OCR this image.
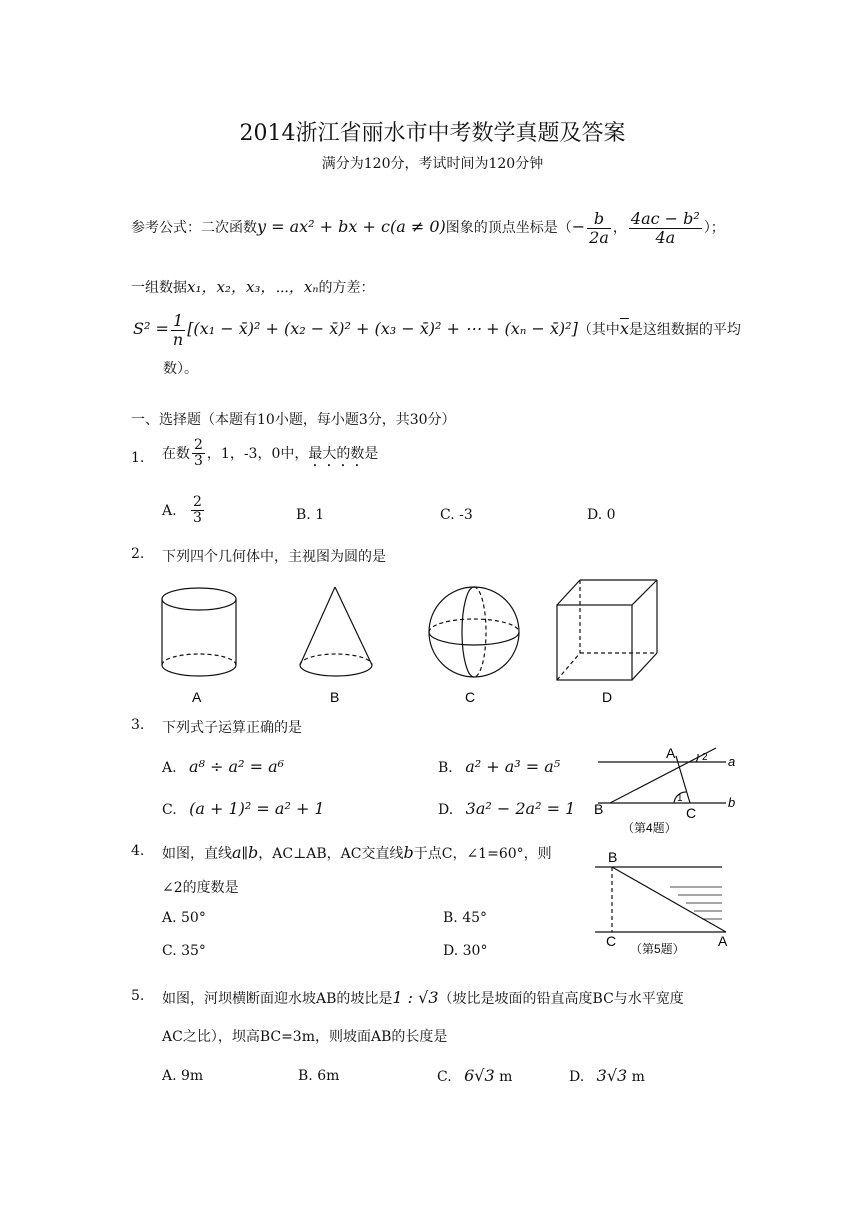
2014浙江省丽水市中考数学真题及答案
满分为120分，考试时间为120分钟
参考公式：二次函数y = ax² + bx + c(a ≠ 0)图象的顶点坐标是（− $\frac{b}{2a}$ ， $\frac{\text{4ac − b²}}{4a}$ ）；
一组数据x₁，x₂，x₃，⋯，xₙ的方差：
$S^2 = \frac{1}{n} [(x_1$ − x̄)² + (x₂ − x̄)² + (x₃ − x̄)² + ⋯ + (xₙ − x̄)²]（其中$\overline{x}$是这组数据的平均
数）。
一、选择题（本题有10小题，每小题3分，共30分）
1. 在数 $\frac{2}{3}$ ，1，-3，0中，最大的数是
A. $\frac{2}{3}$	B. 1	C. -3	D. 0
2. 下列四个几何体中，主视图为圆的是
A	B	C	D
3. 下列式子运算正确的是
A. a⁸ ÷ a² = a⁶	B. a² + a³ = a⁵
C. (a + 1)² = a² + 1	D. 3a² − 2a² = 1
A
B	C
a
b
1
2
（第4题）
4. 如图，直线a∥b，AC⊥AB，AC交直线b于点C，∠1=60°，则
∠2的度数是
A. 50°	B. 45°
C. 35°	D. 30°
B
C	A
（第5题）
5. 如图，河坝横断面迎水坡AB的坡比是1 : √3（坡比是坡面的铅直高度BC与水平宽度
AC之比），坝高BC=3m，则坡面AB的长度是
A. 9m	B. 6m	C. 6√3 m	D. 3√3 m
